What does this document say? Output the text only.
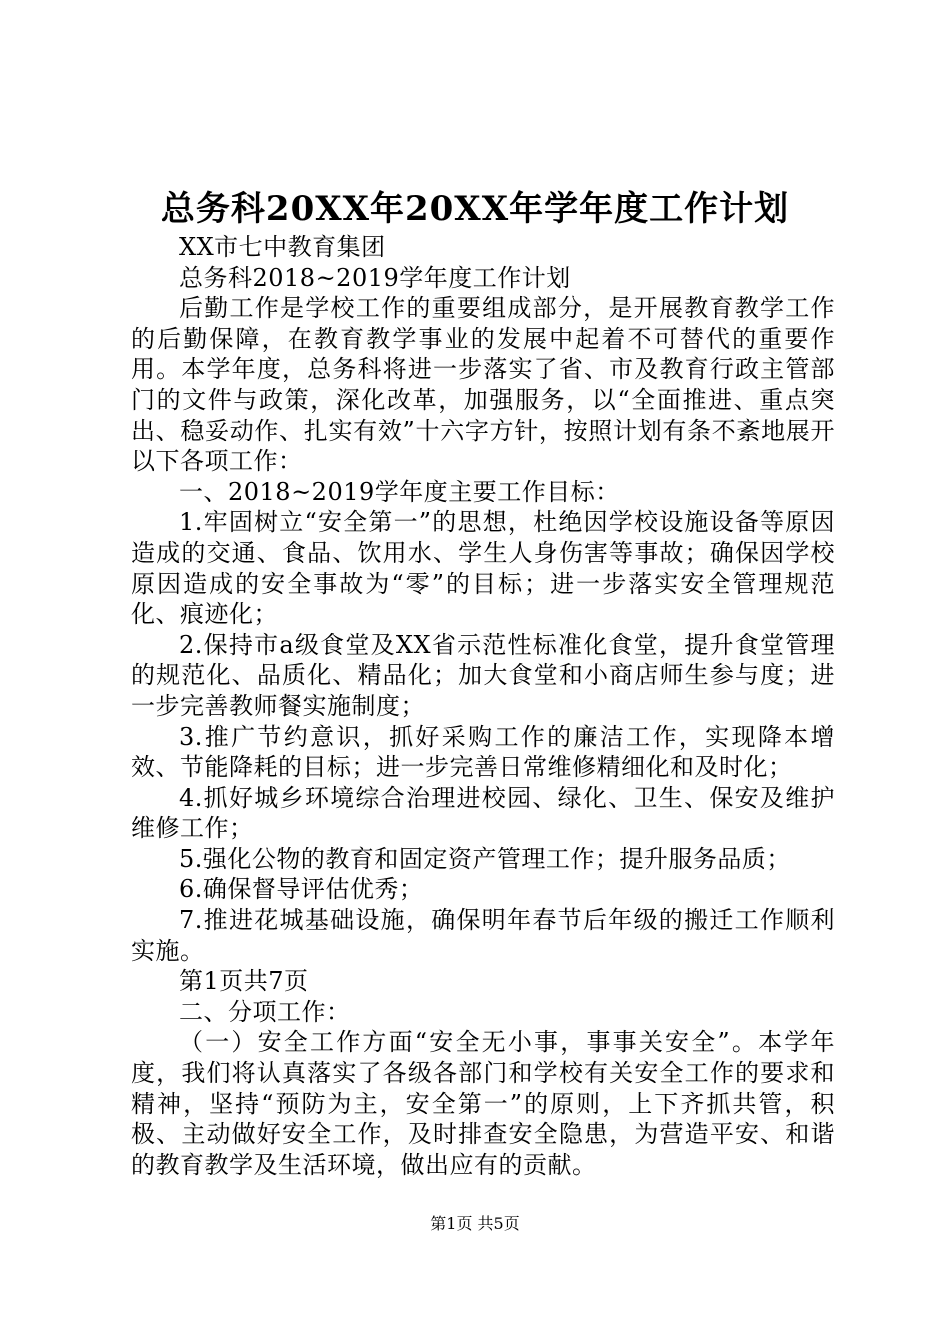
总务科20XX年20XX年学年度工作计划

XX市七中教育集团

总务科2018~2019学年度工作计划

后勤工作是学校工作的重要组成部分，是开展教育教学工作的后勤保障，在教育教学事业的发展中起着不可替代的重要作用。本学年度，总务科将进一步落实了省、市及教育行政主管部门的文件与政策，深化改革，加强服务，以“全面推进、重点突出、稳妥动作、扎实有效”十六字方针，按照计划有条不紊地展开以下各项工作：

一、2018~2019学年度主要工作目标：

1.牢固树立“安全第一”的思想，杜绝因学校设施设备等原因造成的交通、食品、饮用水、学生人身伤害等事故；确保因学校原因造成的安全事故为“零”的目标；进一步落实安全管理规范化、痕迹化；

2.保持市a级食堂及XX省示范性标准化食堂，提升食堂管理的规范化、品质化、精品化；加大食堂和小商店师生参与度；进一步完善教师餐实施制度；

3.推广节约意识，抓好采购工作的廉洁工作，实现降本增效、节能降耗的目标；进一步完善日常维修精细化和及时化；

4.抓好城乡环境综合治理进校园、绿化、卫生、保安及维护维修工作；

5.强化公物的教育和固定资产管理工作；提升服务品质；

6.确保督导评估优秀；

7.推进花城基础设施，确保明年春节后年级的搬迁工作顺利实施。

第1页共7页

二、分项工作：

（一）安全工作方面“安全无小事，事事关安全”。本学年度，我们将认真落实了各级各部门和学校有关安全工作的要求和精神，坚持“预防为主，安全第一”的原则，上下齐抓共管，积极、主动做好安全工作，及时排查安全隐患，为营造平安、和谐的教育教学及生活环境，做出应有的贡献。

第1页 共5页
